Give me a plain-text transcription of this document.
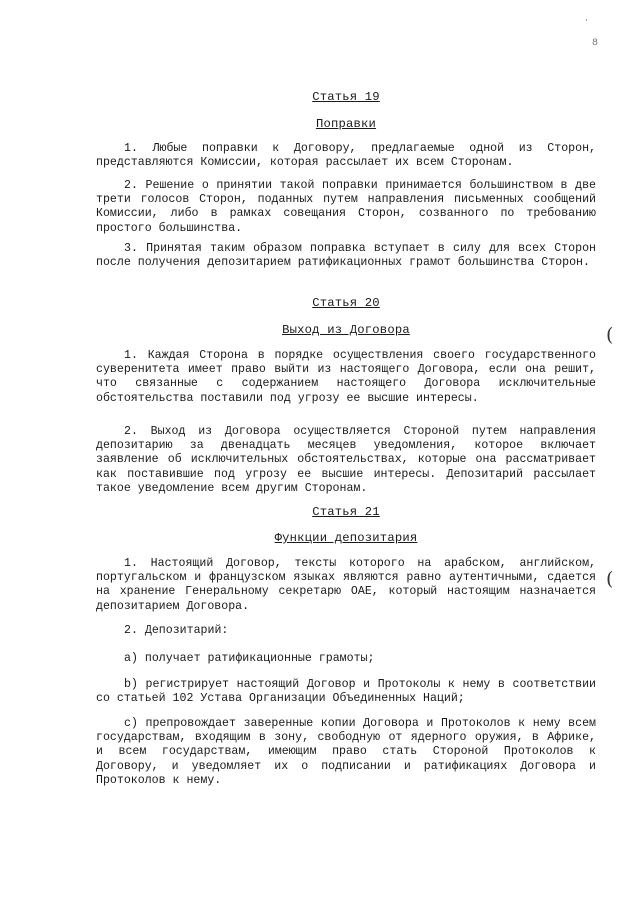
·
8
(
(
Статья 19
Поправки

1. Любые поправки к Договору, предлагаемые одной из Сторон, представляются Комиссии, которая рассылает их всем Сторонам.

2. Решение о принятии такой поправки принимается большинством в две трети голосов Сторон, поданных путем направления письменных сообщений Комиссии, либо в рамках совещания Сторон, созванного по требованию простого большинства.

3. Принятая таким образом поправка вступает в силу для всех Сторон после получения депозитарием ратификационных грамот большинства Сторон.

Статья 20
Выход из Договора

1. Каждая Сторона в порядке осуществления своего государственного суверенитета имеет право выйти из настоящего Договора, если она решит, что связанные с содержанием настоящего Договора исключительные обстоятельства поставили под угрозу ее высшие интересы.

2. Выход из Договора осуществляется Стороной путем направления депозитарию за двенадцать месяцев уведомления, которое включает заявление об исключительных обстоятельствах, которые она рассматривает как поставившие под угрозу ее высшие интересы. Депозитарий рассылает такое уведомление всем другим Сторонам.

Статья 21
Функции депозитария

1. Настоящий Договор, тексты которого на арабском, английском, португальском и французском языках являются равно аутентичными, сдается на хранение Генеральному секретарю ОАЕ, который настоящим назначается депозитарием Договора.

2. Депозитарий:

a) получает ратификационные грамоты;

b) регистрирует настоящий Договор и Протоколы к нему в соответствии со статьей 102 Устава Организации Объединенных Наций;

c) препровождает заверенные копии Договора и Протоколов к нему всем государствам, входящим в зону, свободную от ядерного оружия, в Африке, и всем государствам, имеющим право стать Стороной Протоколов к Договору, и уведомляет их о подписании и ратификациях Договора и Протоколов к нему.
